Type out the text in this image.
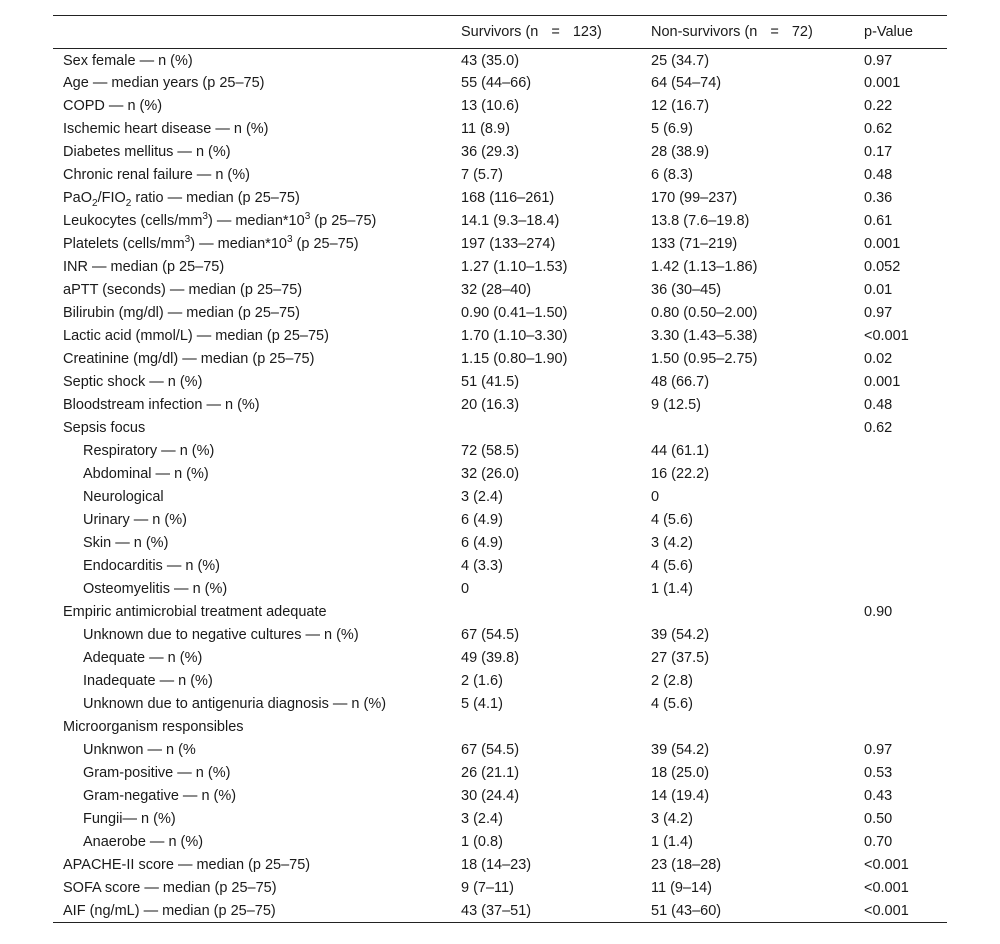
	Survivors (n = 123)	Non-survivors (n = 72)	p-Value
Sex female — n (%)	43 (35.0)	25 (34.7)	0.97
Age — median years (p 25–75)	55 (44–66)	64 (54–74)	0.001
COPD — n (%)	13 (10.6)	12 (16.7)	0.22
Ischemic heart disease — n (%)	11 (8.9)	5 (6.9)	0.62
Diabetes mellitus — n (%)	36 (29.3)	28 (38.9)	0.17
Chronic renal failure — n (%)	7 (5.7)	6 (8.3)	0.48
$PaO_2/FIO_2$ ratio — median (p 25–75)	168 (116–261)	170 (99–237)	0.36
Leukocytes $(cells/mm^3)$ — $median*10^3$ (p 25–75)	14.1 (9.3–18.4)	13.8 (7.6–19.8)	0.61
Platelets $(cells/mm^3)$ — $median*10^3$ (p 25–75)	197 (133–274)	133 (71–219)	0.001
INR — median (p 25–75)	1.27 (1.10–1.53)	1.42 (1.13–1.86)	0.052
aPTT (seconds) — median (p 25–75)	32 (28–40)	36 (30–45)	0.01
Bilirubin (mg/dl) — median (p 25–75)	0.90 (0.41–1.50)	0.80 (0.50–2.00)	0.97
Lactic acid (mmol/L) — median (p 25–75)	1.70 (1.10–3.30)	3.30 (1.43–5.38)	<0.001
Creatinine (mg/dl) — median (p 25–75)	1.15 (0.80–1.90)	1.50 (0.95–2.75)	0.02
Septic shock — n (%)	51 (41.5)	48 (66.7)	0.001
Bloodstream infection — n (%)	20 (16.3)	9 (12.5)	0.48
Sepsis focus			0.62
Respiratory — n (%)	72 (58.5)	44 (61.1)	
Abdominal — n (%)	32 (26.0)	16 (22.2)	
Neurological	3 (2.4)	0	
Urinary — n (%)	6 (4.9)	4 (5.6)	
Skin — n (%)	6 (4.9)	3 (4.2)	
Endocarditis — n (%)	4 (3.3)	4 (5.6)	
Osteomyelitis — n (%)	0	1 (1.4)	
Empiric antimicrobial treatment adequate			0.90
Unknown due to negative cultures — n (%)	67 (54.5)	39 (54.2)	
Adequate — n (%)	49 (39.8)	27 (37.5)	
Inadequate — n (%)	2 (1.6)	2 (2.8)	
Unknown due to antigenuria diagnosis — n (%)	5 (4.1)	4 (5.6)	
Microorganism responsibles			
Unknwon — n (%	67 (54.5)	39 (54.2)	0.97
Gram-positive — n (%)	26 (21.1)	18 (25.0)	0.53
Gram-negative — n (%)	30 (24.4)	14 (19.4)	0.43
Fungii— n (%)	3 (2.4)	3 (4.2)	0.50
Anaerobe — n (%)	1 (0.8)	1 (1.4)	0.70
APACHE-II score — median (p 25–75)	18 (14–23)	23 (18–28)	<0.001
SOFA score — median (p 25–75)	9 (7–11)	11 (9–14)	<0.001
AIF (ng/mL) — median (p 25–75)	43 (37–51)	51 (43–60)	<0.001
